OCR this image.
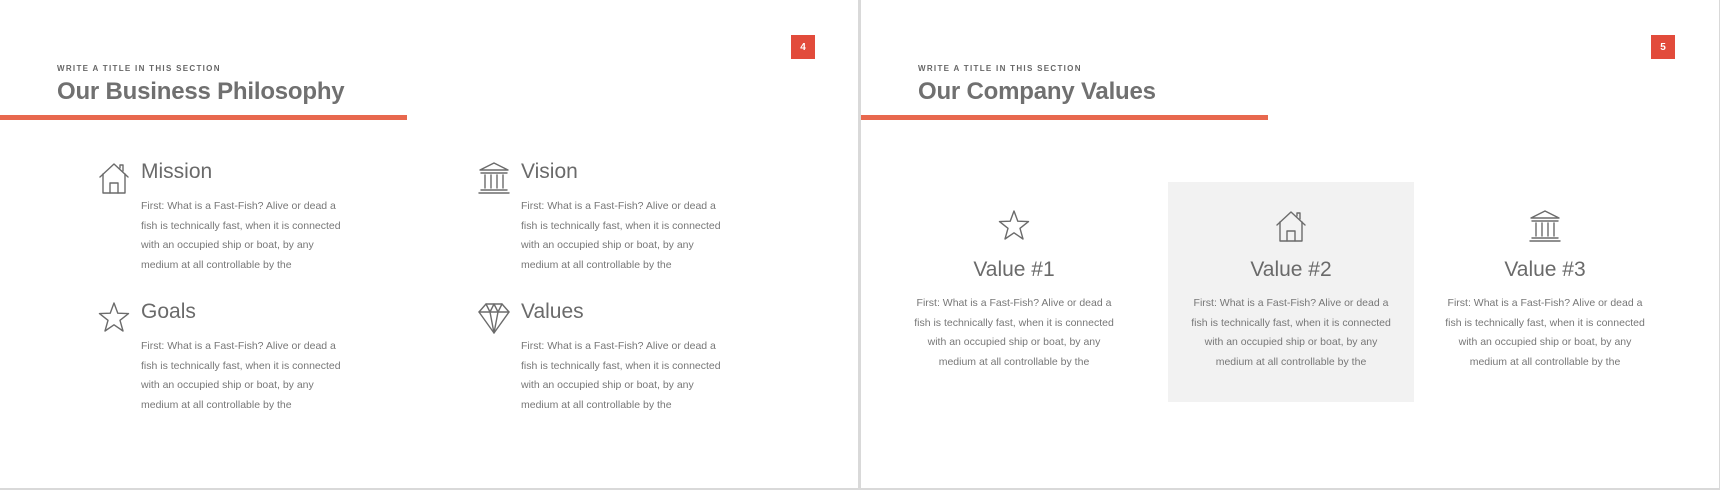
4
WRITE A TITLE IN THIS SECTION
Our Business Philosophy
Mission
First: What is a Fast-Fish? Alive or dead a fish is technically fast, when it is connected with an occupied ship or boat, by any medium at all controllable by the
Vision
First: What is a Fast-Fish? Alive or dead a fish is technically fast, when it is connected with an occupied ship or boat, by any medium at all controllable by the
Goals
First: What is a Fast-Fish? Alive or dead a fish is technically fast, when it is connected with an occupied ship or boat, by any medium at all controllable by the
Values
First: What is a Fast-Fish? Alive or dead a fish is technically fast, when it is connected with an occupied ship or boat, by any medium at all controllable by the
5
WRITE A TITLE IN THIS SECTION
Our Company Values
Value #1
First: What is a Fast-Fish? Alive or dead a fish is technically fast, when it is connected with an occupied ship or boat, by any medium at all controllable by the
Value #2
First: What is a Fast-Fish? Alive or dead a fish is technically fast, when it is connected with an occupied ship or boat, by any medium at all controllable by the
Value #3
First: What is a Fast-Fish? Alive or dead a fish is technically fast, when it is connected with an occupied ship or boat, by any medium at all controllable by the
